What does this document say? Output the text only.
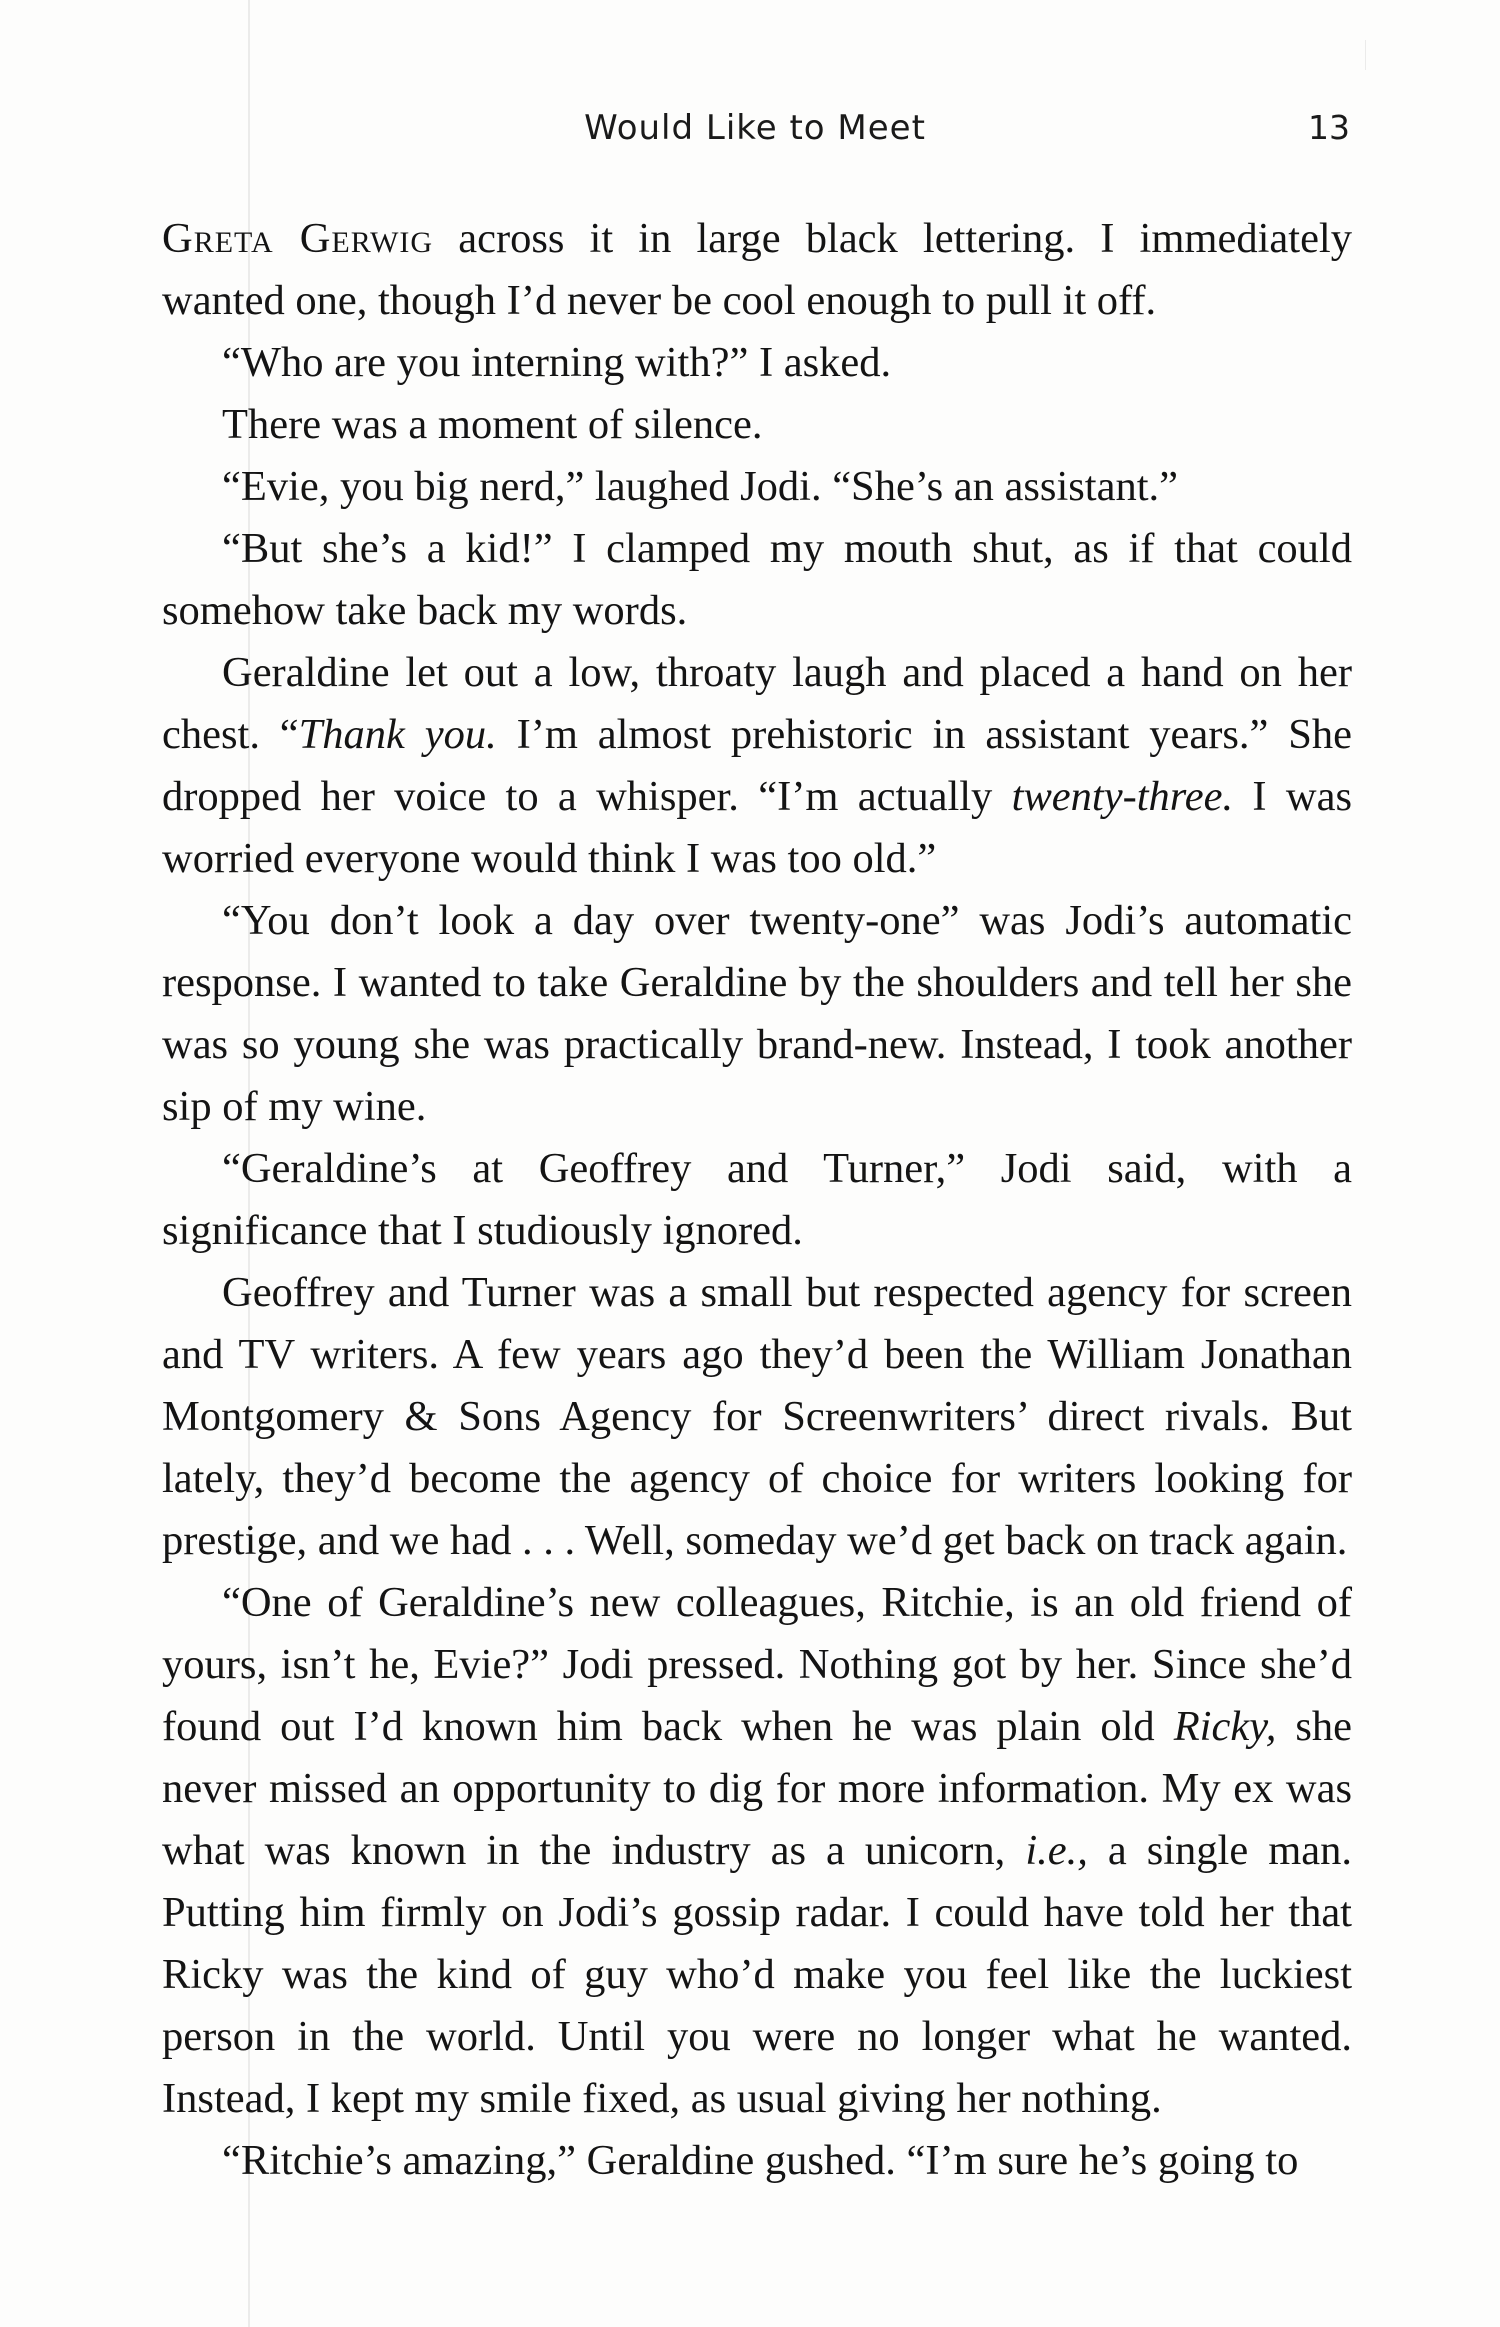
Would Like to Meet	13

Greta Gerwig across it in large black lettering. I immediately wanted one, though I’d never be cool enough to pull it off.

“Who are you interning with?” I asked.

There was a moment of silence.

“Evie, you big nerd,” laughed Jodi. “She’s an assistant.”

“But she’s a kid!” I clamped my mouth shut, as if that could somehow take back my words.

Geraldine let out a low, throaty laugh and placed a hand on her chest. “Thank you. I’m almost prehistoric in assistant years.” She dropped her voice to a whisper. “I’m actually twenty-three. I was worried everyone would think I was too old.”

“You don’t look a day over twenty-one” was Jodi’s automatic response. I wanted to take Geraldine by the shoulders and tell her she was so young she was practically brand-new. Instead, I took another sip of my wine.

“Geraldine’s at Geoffrey and Turner,” Jodi said, with a significance that I studiously ignored.

Geoffrey and Turner was a small but respected agency for screen and TV writers. A few years ago they’d been the William Jonathan Montgomery & Sons Agency for Screenwriters’ direct rivals. But lately, they’d become the agency of choice for writers looking for prestige, and we had . . . Well, someday we’d get back on track again.

“One of Geraldine’s new colleagues, Ritchie, is an old friend of yours, isn’t he, Evie?” Jodi pressed. Nothing got by her. Since she’d found out I’d known him back when he was plain old Ricky, she never missed an opportunity to dig for more information. My ex was what was known in the industry as a unicorn, i.e., a single man. Putting him firmly on Jodi’s gossip radar. I could have told her that Ricky was the kind of guy who’d make you feel like the luckiest person in the world. Until you were no longer what he wanted. Instead, I kept my smile fixed, as usual giving her nothing.

“Ritchie’s amazing,” Geraldine gushed. “I’m sure he’s going to
